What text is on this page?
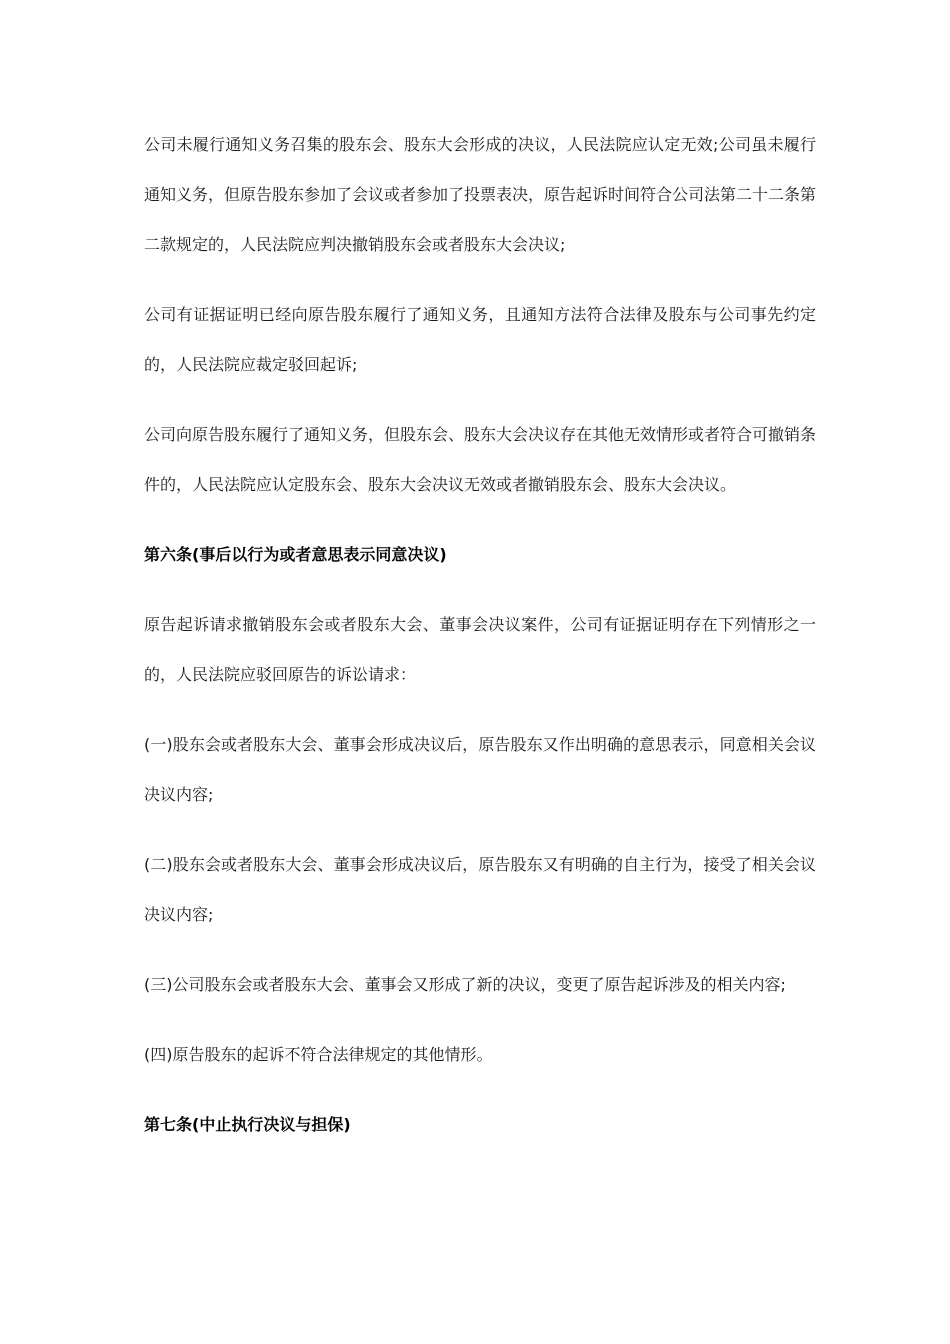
公司未履行通知义务召集的股东会、股东大会形成的决议，人民法院应认定无效;公司虽未履行通知义务，但原告股东参加了会议或者参加了投票表决，原告起诉时间符合公司法第二十二条第二款规定的，人民法院应判决撤销股东会或者股东大会决议;

公司有证据证明已经向原告股东履行了通知义务，且通知方法符合法律及股东与公司事先约定的，人民法院应裁定驳回起诉;

公司向原告股东履行了通知义务，但股东会、股东大会决议存在其他无效情形或者符合可撤销条件的，人民法院应认定股东会、股东大会决议无效或者撤销股东会、股东大会决议。

第六条(事后以行为或者意思表示同意决议)

原告起诉请求撤销股东会或者股东大会、董事会决议案件，公司有证据证明存在下列情形之一的，人民法院应驳回原告的诉讼请求：

(一)股东会或者股东大会、董事会形成决议后，原告股东又作出明确的意思表示，同意相关会议决议内容;

(二)股东会或者股东大会、董事会形成决议后，原告股东又有明确的自主行为，接受了相关会议决议内容;

(三)公司股东会或者股东大会、董事会又形成了新的决议，变更了原告起诉涉及的相关内容;

(四)原告股东的起诉不符合法律规定的其他情形。

第七条(中止执行决议与担保)
